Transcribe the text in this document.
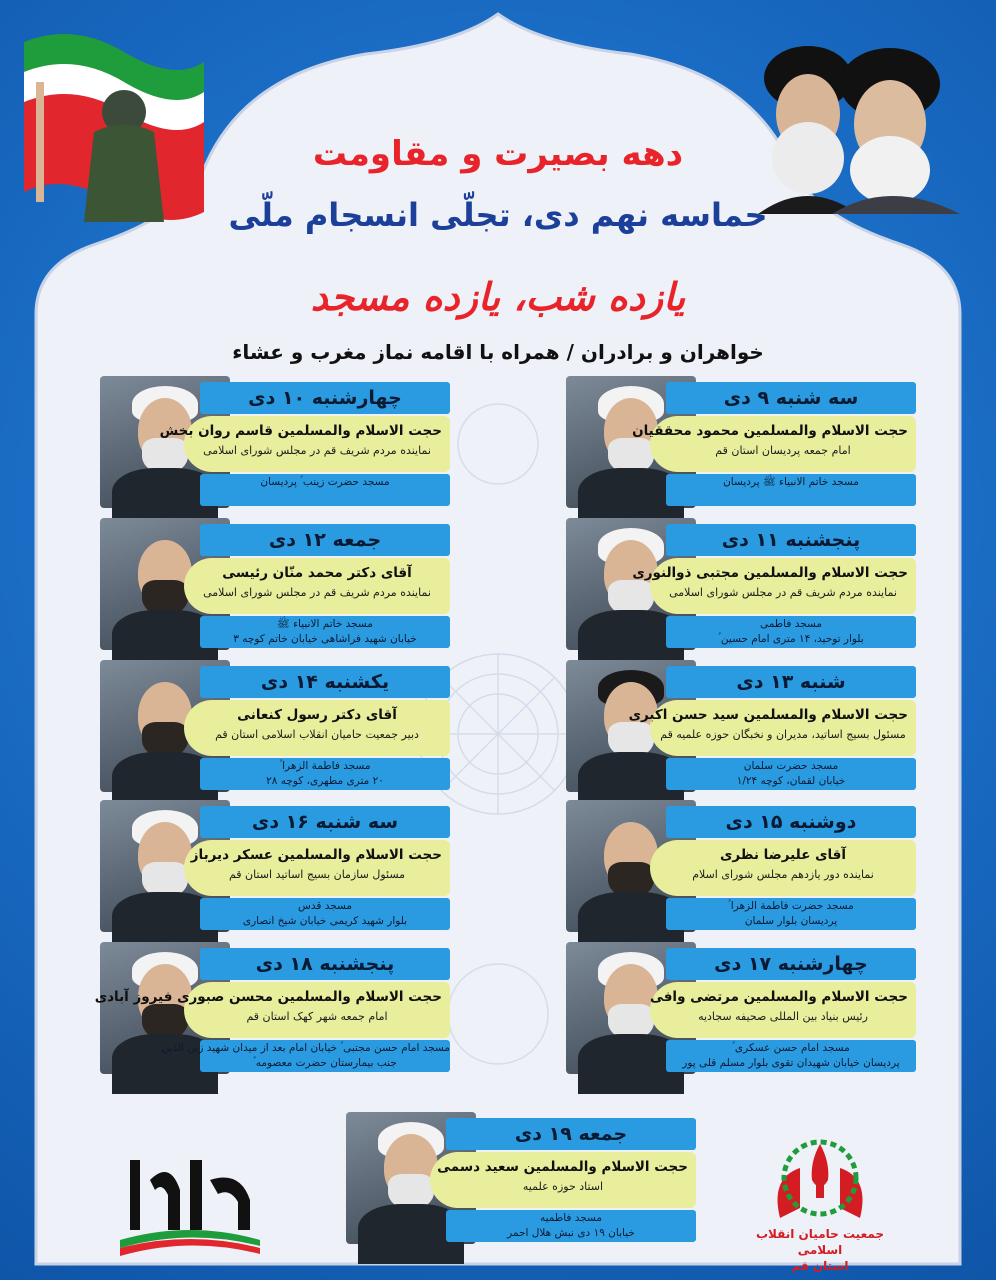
دهه بصیرت و مقاومت
حماسه نهم دی، تجلّی انسجام ملّی
یازده شب، یازده مسجد
خواهران و برادران / همراه با اقامه نماز مغرب و عشاء
سه شنبه ۹ دی
حجت الاسلام والمسلمین محمود محققیان
امام جمعه پردیسان استان قم
مسجد خاتم الانبیاء ﷺ پردیسان
چهارشنبه ۱۰ دی
حجت الاسلام والمسلمین قاسم روان بخش
نماینده مردم شریف قم در مجلس شورای اسلامی
مسجد حضرت زینب ؑ پردیسان
پنجشنبه ۱۱ دی
حجت الاسلام والمسلمین مجتبی ذوالنوری
نماینده مردم شریف قم در مجلس شورای اسلامی
مسجد فاطمی
بلوار توحید، ۱۴ متری امام حسین ؑ
جمعه ۱۲ دی
آقای دکتر محمد منّان رئیسی
نماینده مردم شریف قم در مجلس شورای اسلامی
مسجد خاتم الانبیاء ﷺ
خیابان شهید فراشاهی خیابان خاتم کوچه ۳
شنبه ۱۳ دی
حجت الاسلام والمسلمین سید حسن اکبری
مسئول بسیج اساتید، مدیران و نخبگان حوزه علمیه قم
مسجد حضرت سلمان
خیابان لقمان، کوچه ۱/۲۴
یکشنبه ۱۴ دی
آقای دکتر رسول کنعانی
دبیر جمعیت حامیان انقلاب اسلامی استان قم
مسجد فاطمة الزهرا ؑ
۲۰ متری مطهری، کوچه ۲۸
دوشنبه ۱۵ دی
آقای علیرضا نظری
نماینده دور یازدهم مجلس شورای اسلام
مسجد حضرت فاطمة الزهرا ؑ
پردیسان بلوار سلمان
سه شنبه ۱۶ دی
حجت الاسلام والمسلمین عسکر دیرباز
مسئول سازمان بسیج اساتید استان قم
مسجد قدس
بلوار شهید کریمی خیابان شیخ انصاری
چهارشنبه ۱۷ دی
حجت الاسلام والمسلمین مرتضی وافی
رئیس بنیاد بین المللی صحیفه سجادیه
مسجد امام حسن عسکری ؑ
پردیسان خیابان شهیدان تقوی بلوار مسلم قلی پور
پنجشنبه ۱۸ دی
حجت الاسلام والمسلمین محسن صبوری فیروز آبادی
امام جمعه شهر کهک استان قم
مسجد امام حسن مجتبی ؑ خیابان امام بعد از میدان شهید زین الدین
جنب بیمارستان حضرت معصومه ؑ
جمعه ۱۹ دی
حجت الاسلام والمسلمین سعید دسمی
استاد حوزه علمیه
مسجد فاطمیه
خیابان ۱۹ دی نبش هلال احمر	جمعیت حامیان انقلاب اسلامی
استان قم
